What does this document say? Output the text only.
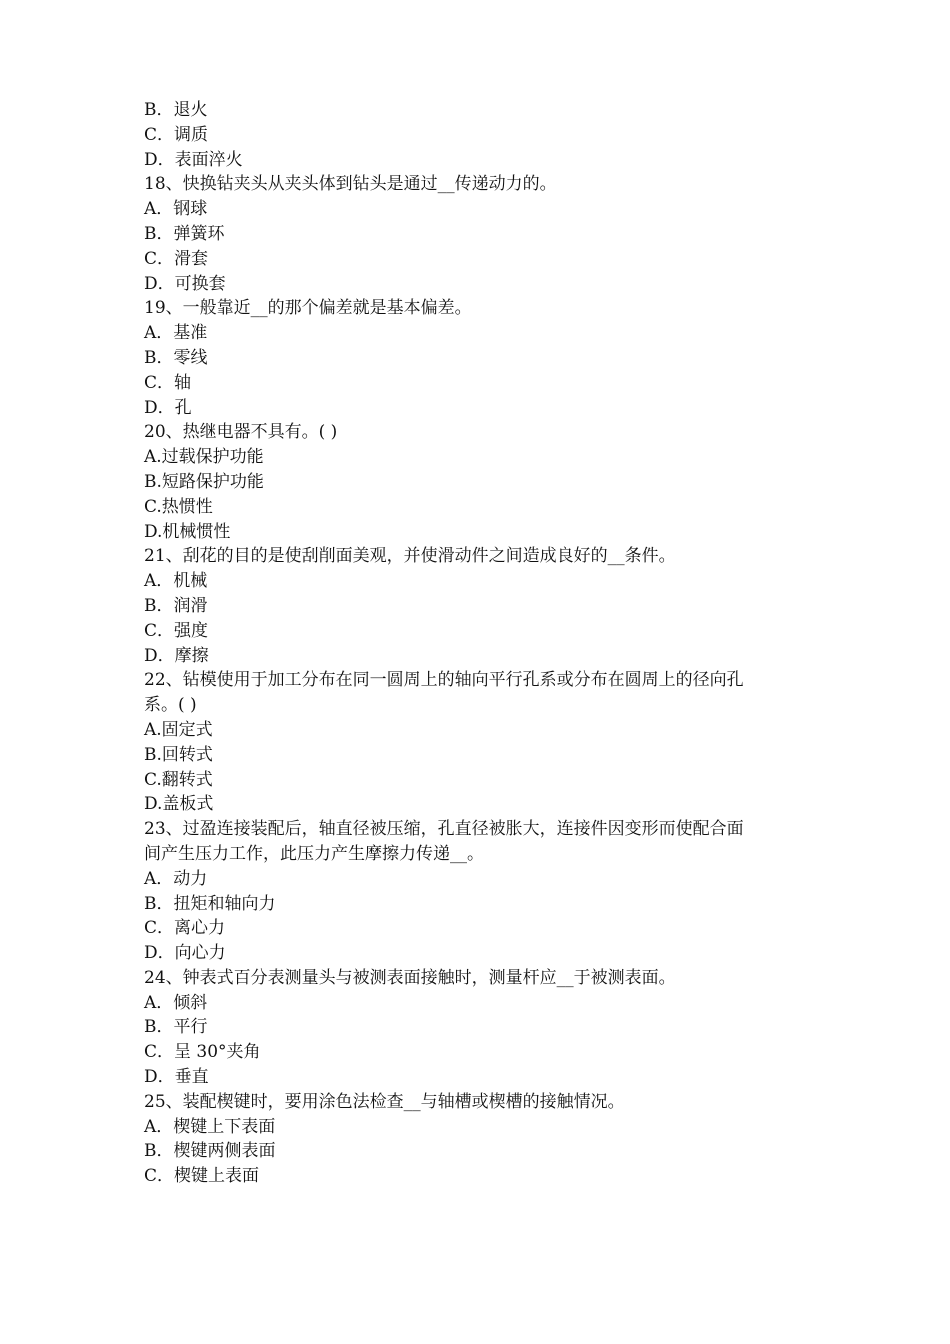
B．退火

C．调质

D．表面淬火

18、快换钻夹头从夹头体到钻头是通过__传递动力的。

A．钢球

B．弹簧环

C．滑套

D．可换套

19、一般靠近__的那个偏差就是基本偏差。

A．基准

B．零线

C．轴

D．孔

20、热继电器不具有。( )

A.过载保护功能

B.短路保护功能

C.热惯性

D.机械惯性

21、刮花的目的是使刮削面美观，并使滑动件之间造成良好的__条件。

A．机械

B．润滑

C．强度

D．摩擦

22、钻模使用于加工分布在同一圆周上的轴向平行孔系或分布在圆周上的径向孔

系。( )

A.固定式

B.回转式

C.翻转式

D.盖板式

23、过盈连接装配后，轴直径被压缩，孔直径被胀大，连接件因变形而使配合面

间产生压力工作，此压力产生摩擦力传递__。

A．动力

B．扭矩和轴向力

C．离心力

D．向心力

24、钟表式百分表测量头与被测表面接触时，测量杆应__于被测表面。

A．倾斜

B．平行

C．呈 30°夹角

D．垂直

25、装配楔键时，要用涂色法检查__与轴槽或楔槽的接触情况。

A．楔键上下表面

B．楔键两侧表面

C．楔键上表面
